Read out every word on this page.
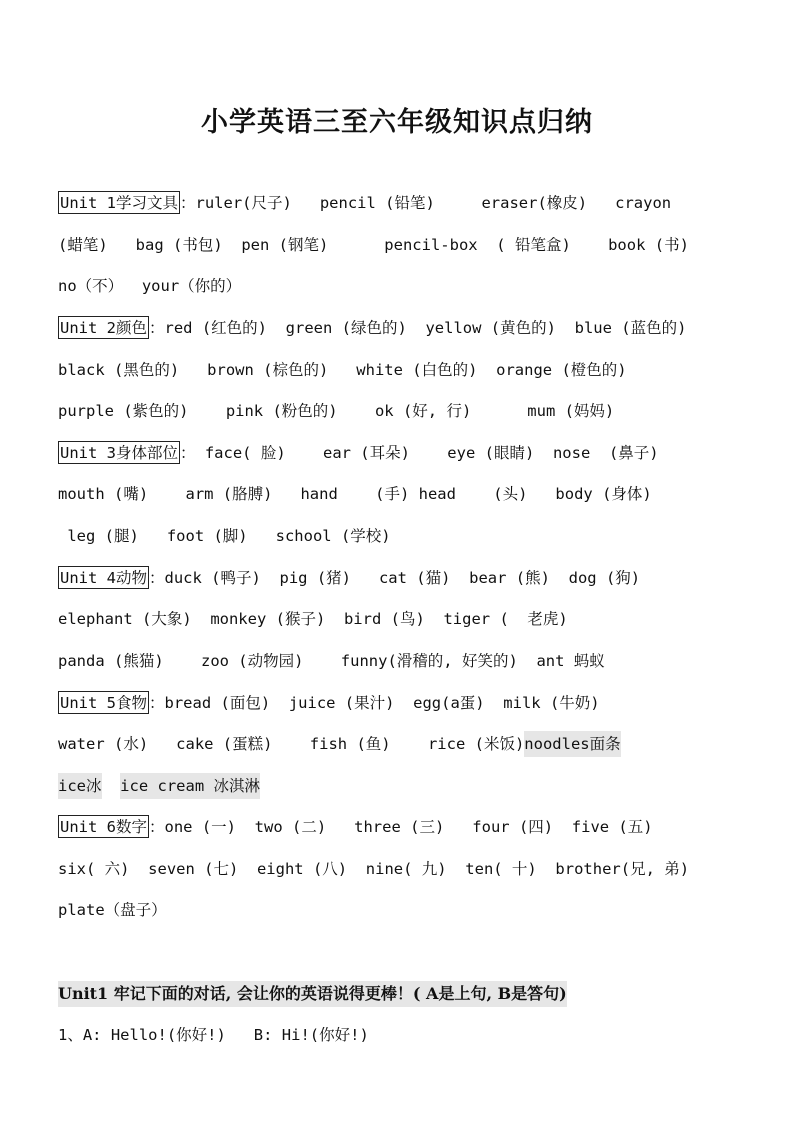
小学英语三至六年级知识点归纳
Unit 1学习文具 ：ruler(尺子)   pencil (铅笔)     eraser(橡皮)   crayon
(蜡笔)   bag (书包)  pen (钢笔)      pencil-box  ( 铅笔盒)    book (书)
no（不）  your（你的）
Unit 2颜色 ：red (红色的)  green (绿色的)  yellow (黄色的)  blue (蓝色的)
black (黑色的)   brown (棕色的)   white (白色的)  orange (橙色的)
purple (紫色的)    pink (粉色的)    ok (好, 行)      mum (妈妈)
Unit 3身体部位 ： face( 脸)    ear (耳朵)    eye (眼睛)  nose  (鼻子)
mouth (嘴)    arm (胳膊)   hand    (手) head    (头)   body (身体)
leg (腿)   foot (脚)   school (学校)
Unit 4动物 ：duck (鸭子)  pig (猪)   cat (猫)  bear (熊)  dog (狗)
elephant (大象)  monkey (猴子)  bird (鸟)  tiger (  老虎)
panda (熊猫)    zoo (动物园)    funny(滑稽的, 好笑的)  ant 蚂蚁
Unit 5食物 ：bread (面包)  juice (果汁)  egg(a蛋)  milk (牛奶)
water (水)   cake (蛋糕)    fish (鱼)    rice (米饭)noodles面条
ice冰 ice cream 冰淇淋
Unit 6数字 ：one (一)  two (二)   three (三)   four (四)  five (五)
six( 六)  seven (七)  eight (八)  nine( 九)  ten( 十)  brother(兄, 弟)
plate（盘子）
Unit1 牢记下面的对话, 会让你的英语说得更棒！( A是上句, B是答句)
1、A: Hello!(你好!)   B: Hi!(你好!)
